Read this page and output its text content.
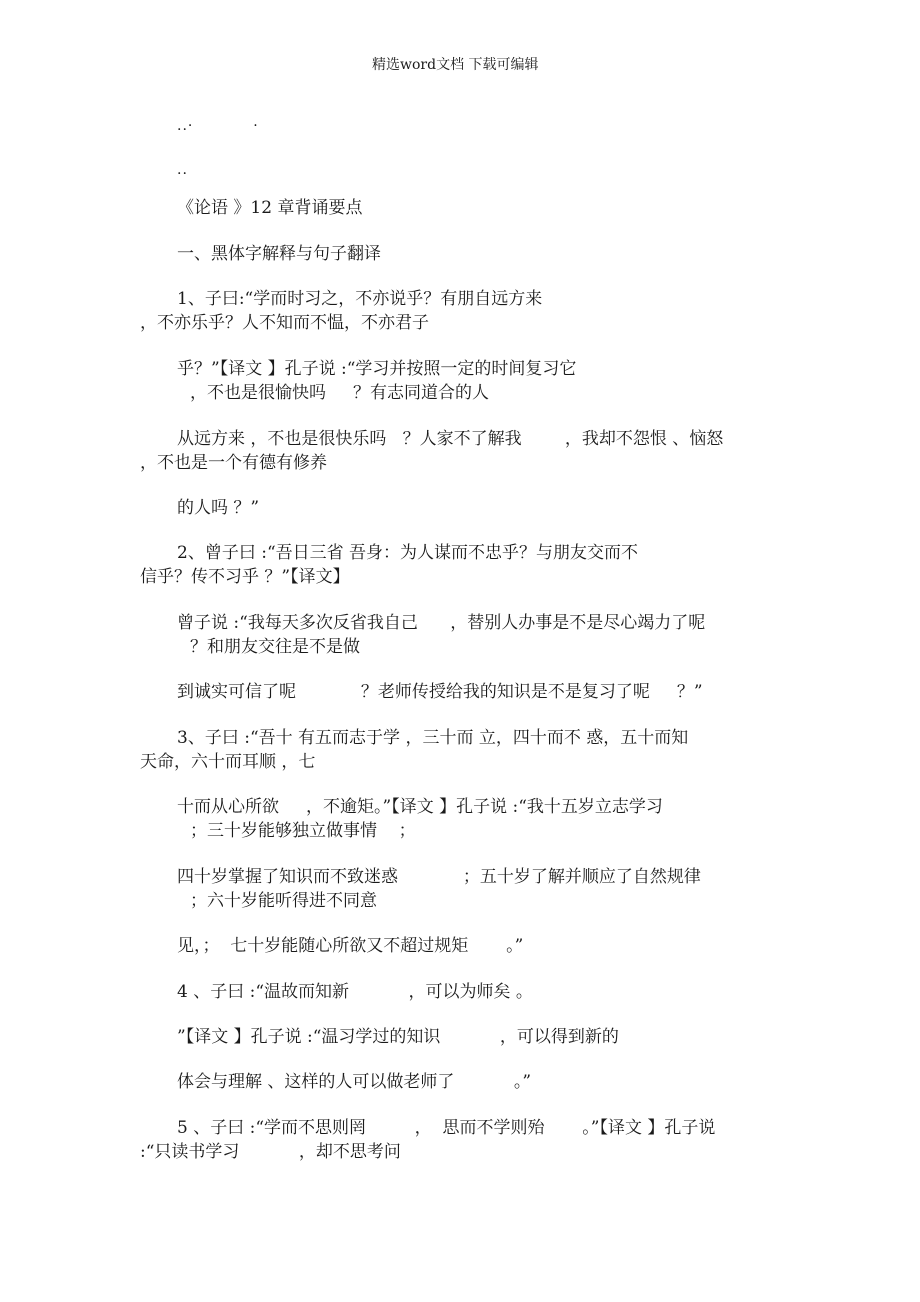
精选word文档 下载可编辑
..·           ·
..
《论语 》12 章背诵要点
一、黑体字解释与句子翻译
1、子曰:“学而时习之，不亦说乎？有朋自远方来
，不亦乐乎？人不知而不愠，不亦君子
乎？”【译文 】孔子说 :“学习并按照一定的时间复习它
，不也是很愉快吗     ？有志同道合的人
从远方来 ，不也是很快乐吗   ？人家不了解我        ，我却不怨恨 、恼怒
，不也是一个有德有修养
的人吗 ？”
2、曾子曰 :“吾日三省 吾身：为人谋而不忠乎？与朋友交而不
信乎？传不习乎 ？”【译文】
曾子说 :“我每天多次反省我自己      ，替别人办事是不是尽心竭力了呢
？和朋友交往是不是做
到诚实可信了呢            ？老师传授给我的知识是不是复习了呢     ？”
3、子曰 :“吾十 有五而志于学 ，三十而 立，四十而不 惑，五十而知
天命，六十而耳顺 ，七
十而从心所欲     ，不逾矩。”【译文 】孔子说 :“我十五岁立志学习
；三十岁能够独立做事情    ；
四十岁掌握了知识而不致迷惑            ；五十岁了解并顺应了自然规律
；六十岁能听得进不同意
见，；  七十岁能随心所欲又不超过规矩       。”
4 、子曰 :“温故而知新           ，可以为师矣 。
”【译文 】孔子说 :“温习学过的知识           ，可以得到新的
体会与理解 、这样的人可以做老师了           。”
5 、子曰 :“学而不思则罔         ，  思而不学则殆       。”【译文 】孔子说
:“只读书学习           ，却不思考问
